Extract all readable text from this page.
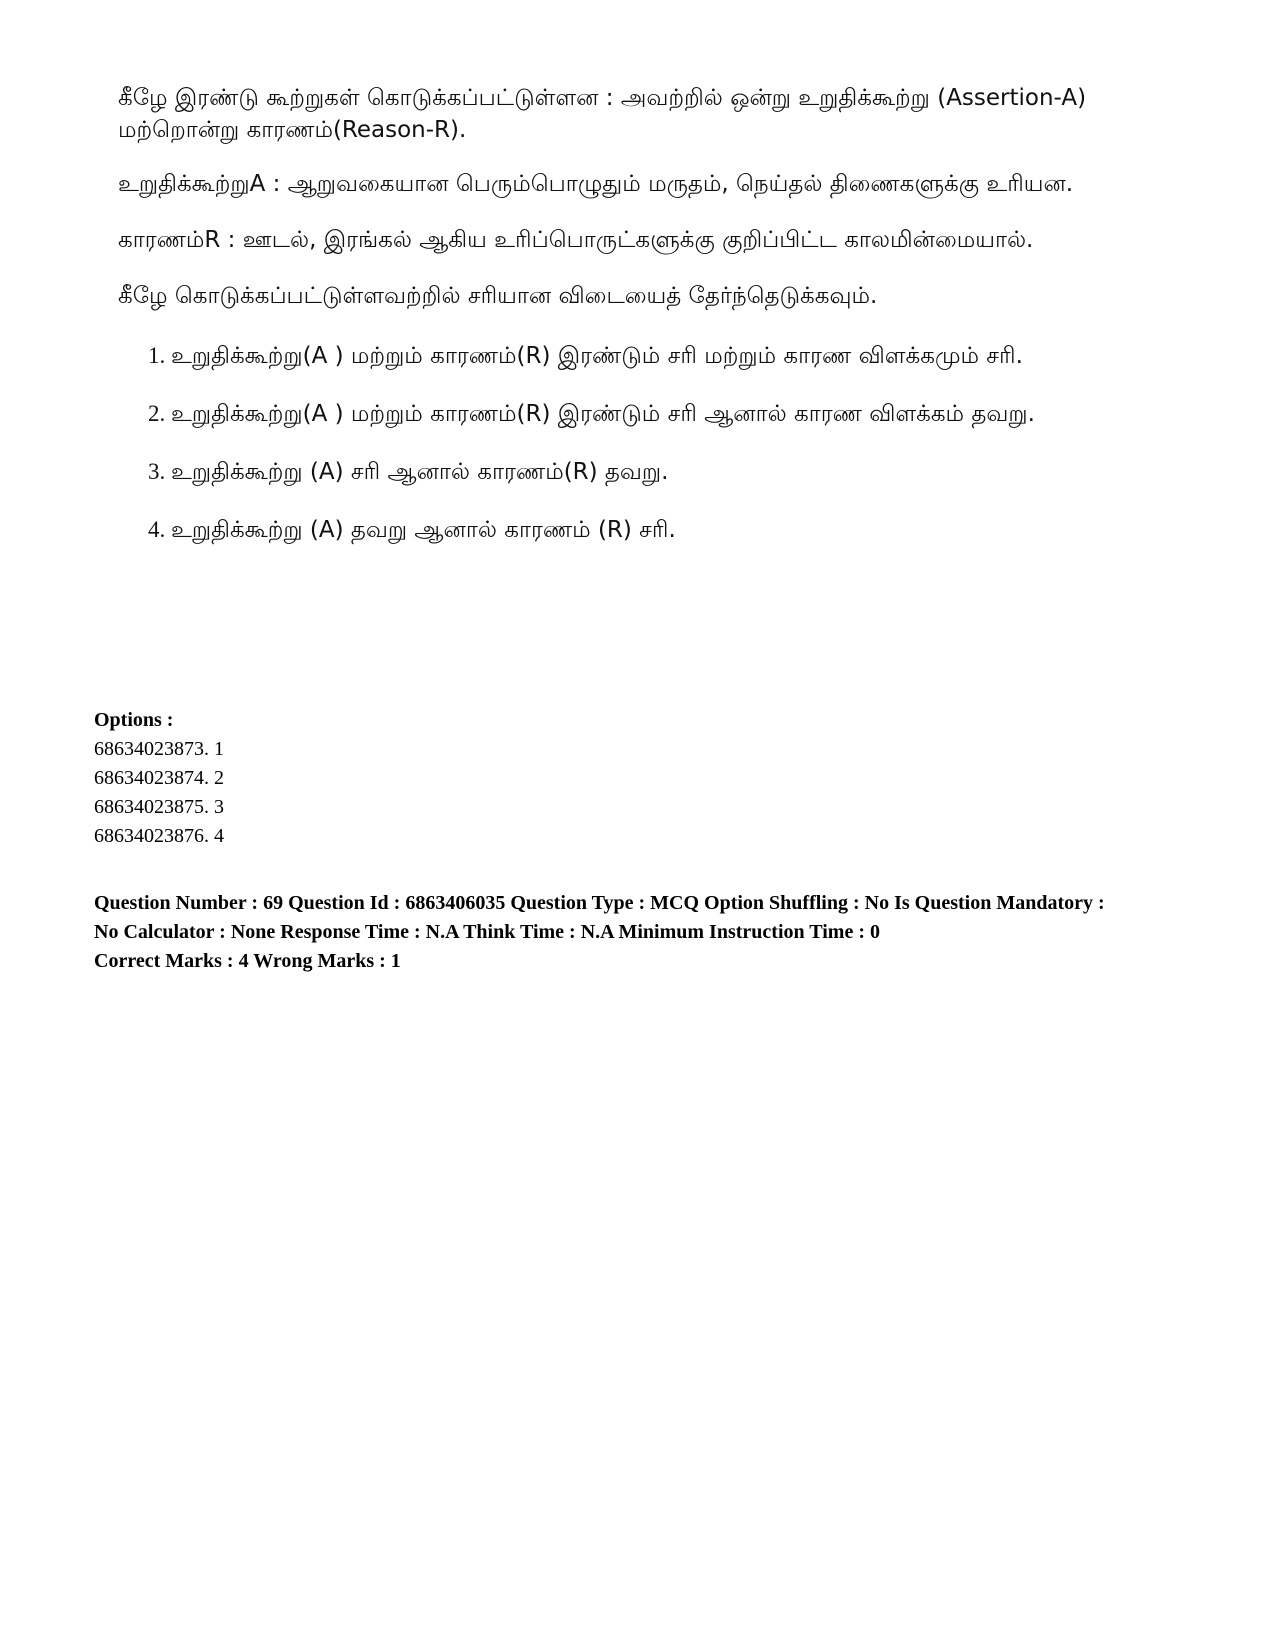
கீழே இரண்டு கூற்றுகள் கொடுக்கப்பட்டுள்ளன : அவற்றில் ஒன்று உறுதிக்கூற்று (Assertion-A) மற்றொன்று காரணம்(Reason-R).

உறுதிக்கூற்றுA : ஆறுவகையான பெரும்பொழுதும் மருதம், நெய்தல் திணைகளுக்கு உரியன.

காரணம்R : ஊடல், இரங்கல் ஆகிய உரிப்பொருட்களுக்கு குறிப்பிட்ட காலமின்மையால்.

கீழே கொடுக்கப்பட்டுள்ளவற்றில் சரியான விடையைத் தேர்ந்தெடுக்கவும்.

1. உறுதிக்கூற்று(A ) மற்றும் காரணம்(R) இரண்டும் சரி மற்றும் காரண விளக்கமும் சரி.
2. உறுதிக்கூற்று(A ) மற்றும் காரணம்(R) இரண்டும் சரி ஆனால் காரண விளக்கம் தவறு.
3. உறுதிக்கூற்று (A) சரி ஆனால் காரணம்(R) தவறு.
4. உறுதிக்கூற்று (A) தவறு ஆனால் காரணம் (R) சரி.
Options :
68634023873. 1
68634023874. 2
68634023875. 3
68634023876. 4
Question Number : 69 Question Id : 6863406035 Question Type : MCQ Option Shuffling : No Is Question Mandatory :
No Calculator : None Response Time : N.A Think Time : N.A Minimum Instruction Time : 0
Correct Marks : 4 Wrong Marks : 1
